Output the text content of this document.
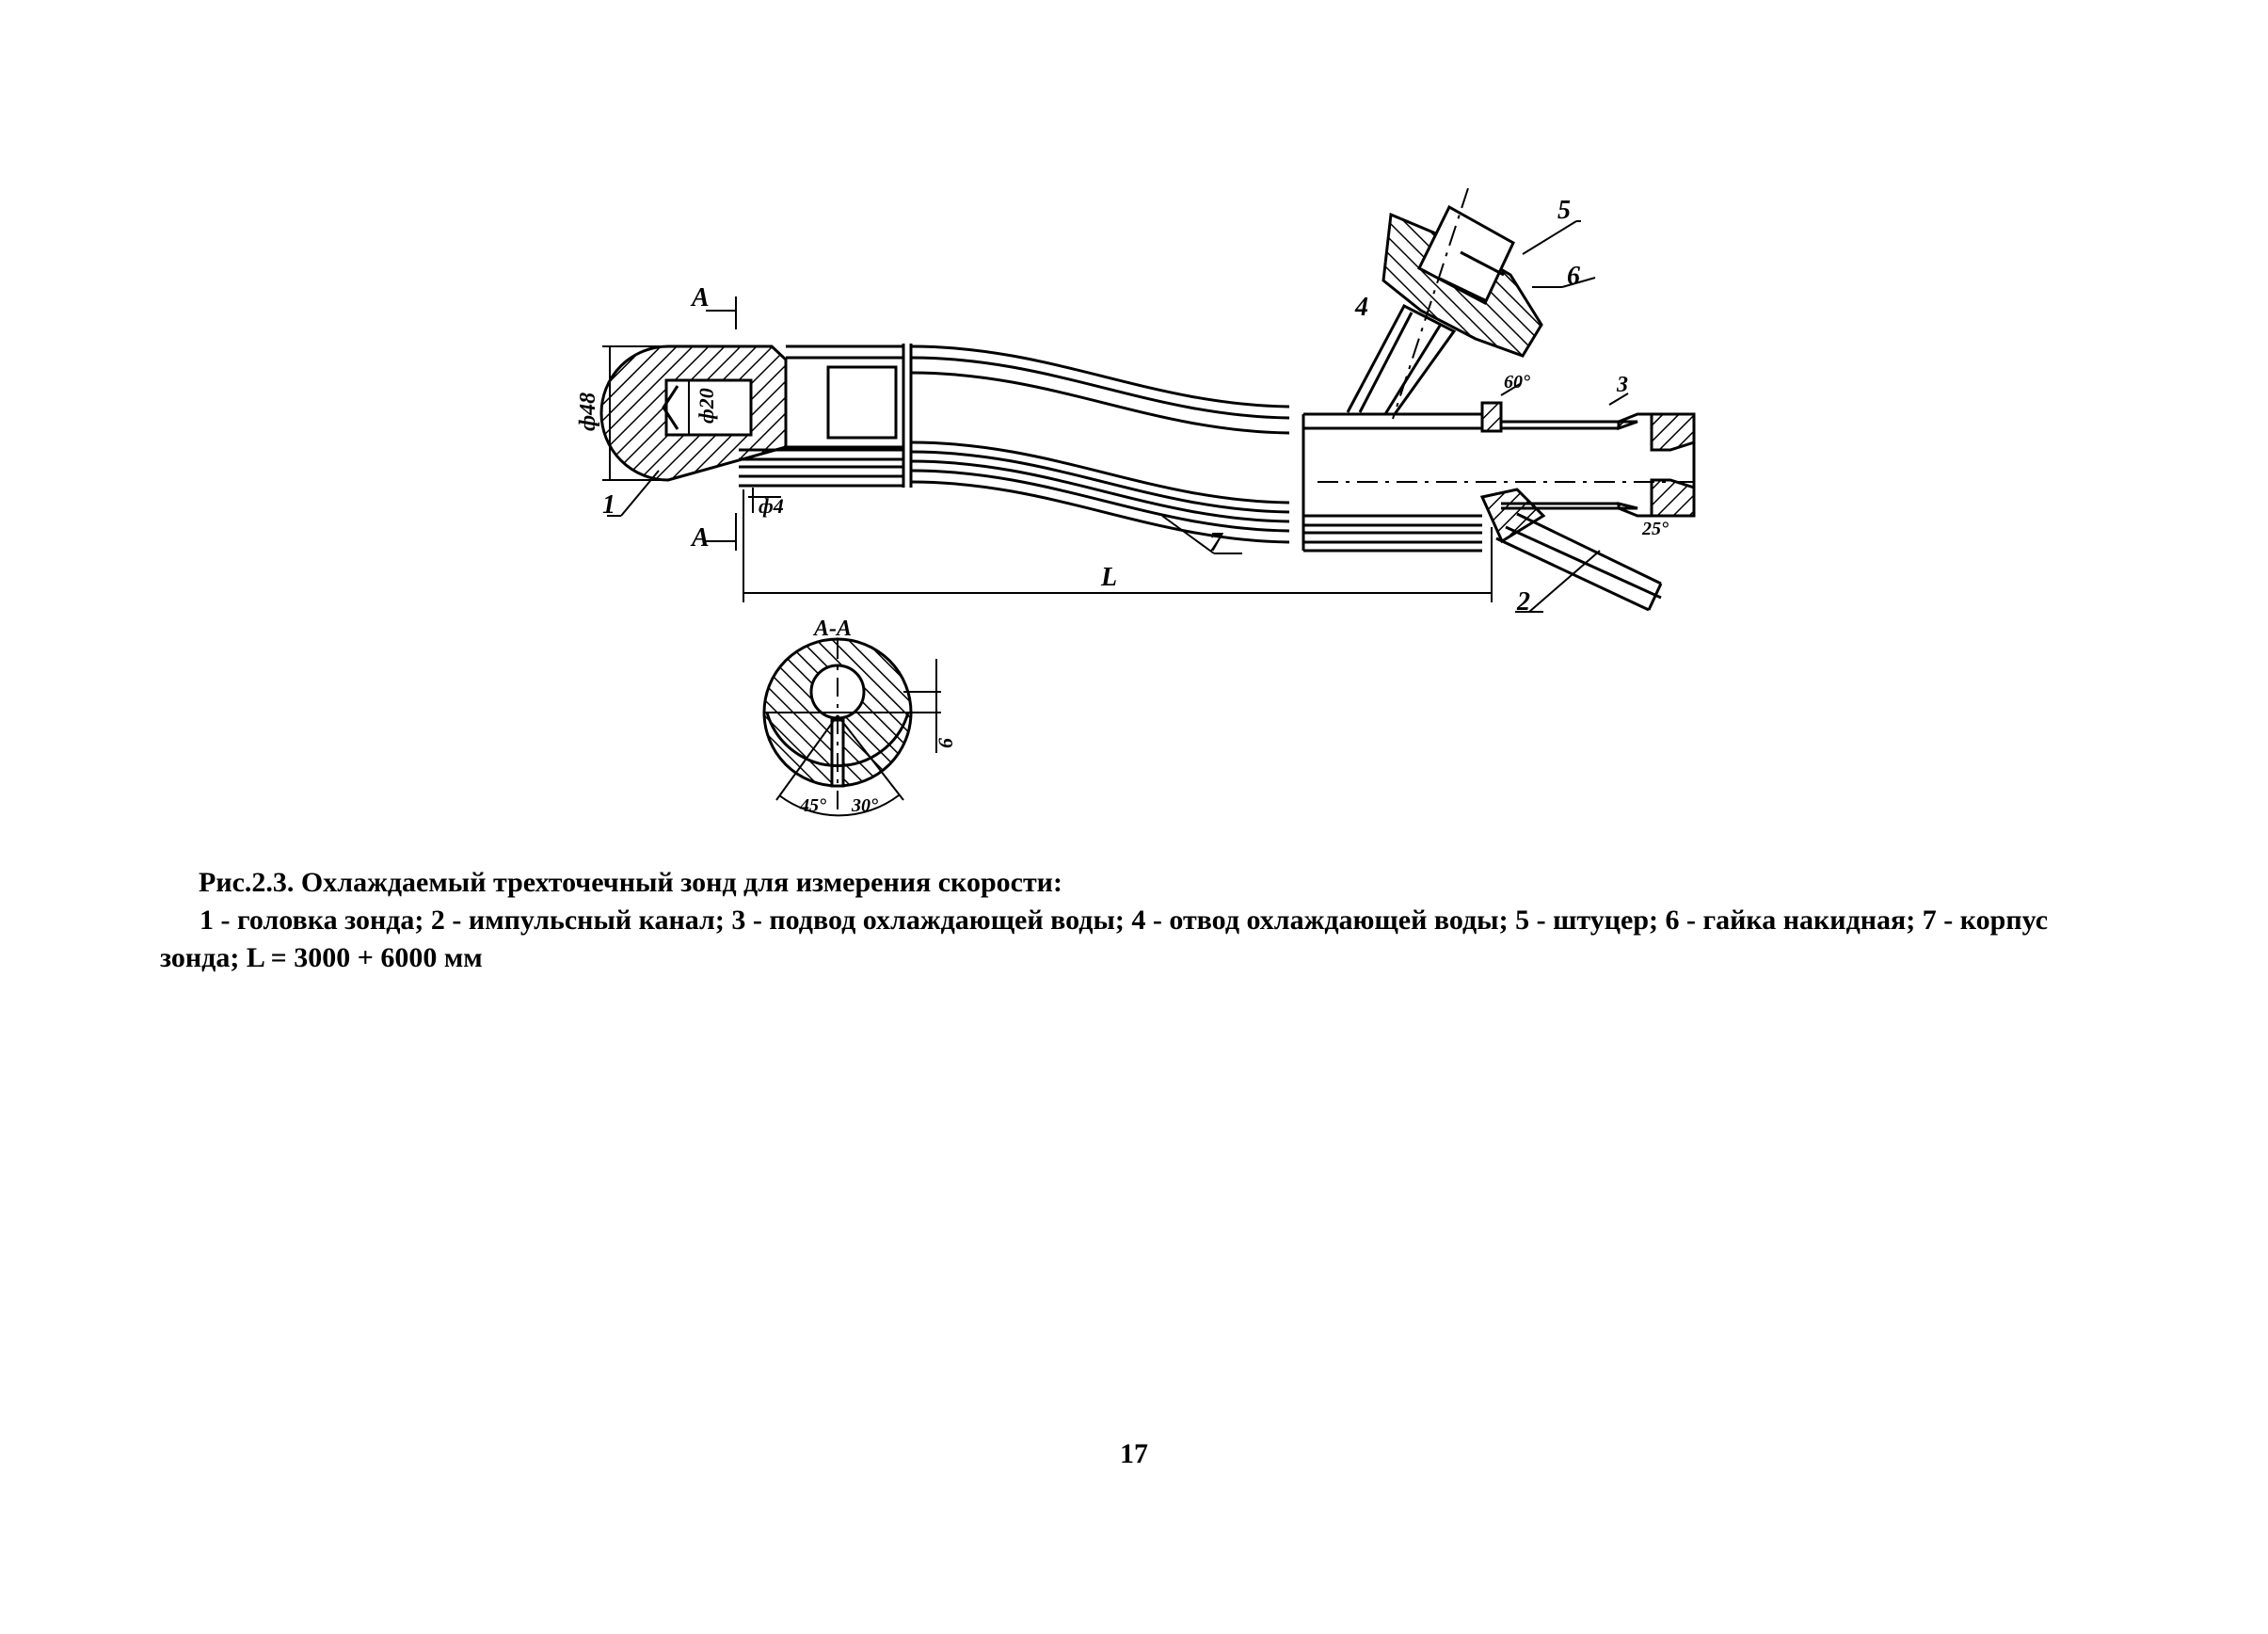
А
А
А-А
1
2
3
4
5
6
7
ф48	ф20
ф4
L
60°
25°
45° 30°
6
Рис.2.3. Охлаждаемый трехточечный зонд для измерения скорости:
1 - головка зонда; 2 - импульсный канал; 3 - подвод охлаждающей воды; 4 - отвод охлаждающей воды; 5 - штуцер; 6 - гайка накидная; 7 - корпус зонда; L = 3000 + 6000 мм
17
